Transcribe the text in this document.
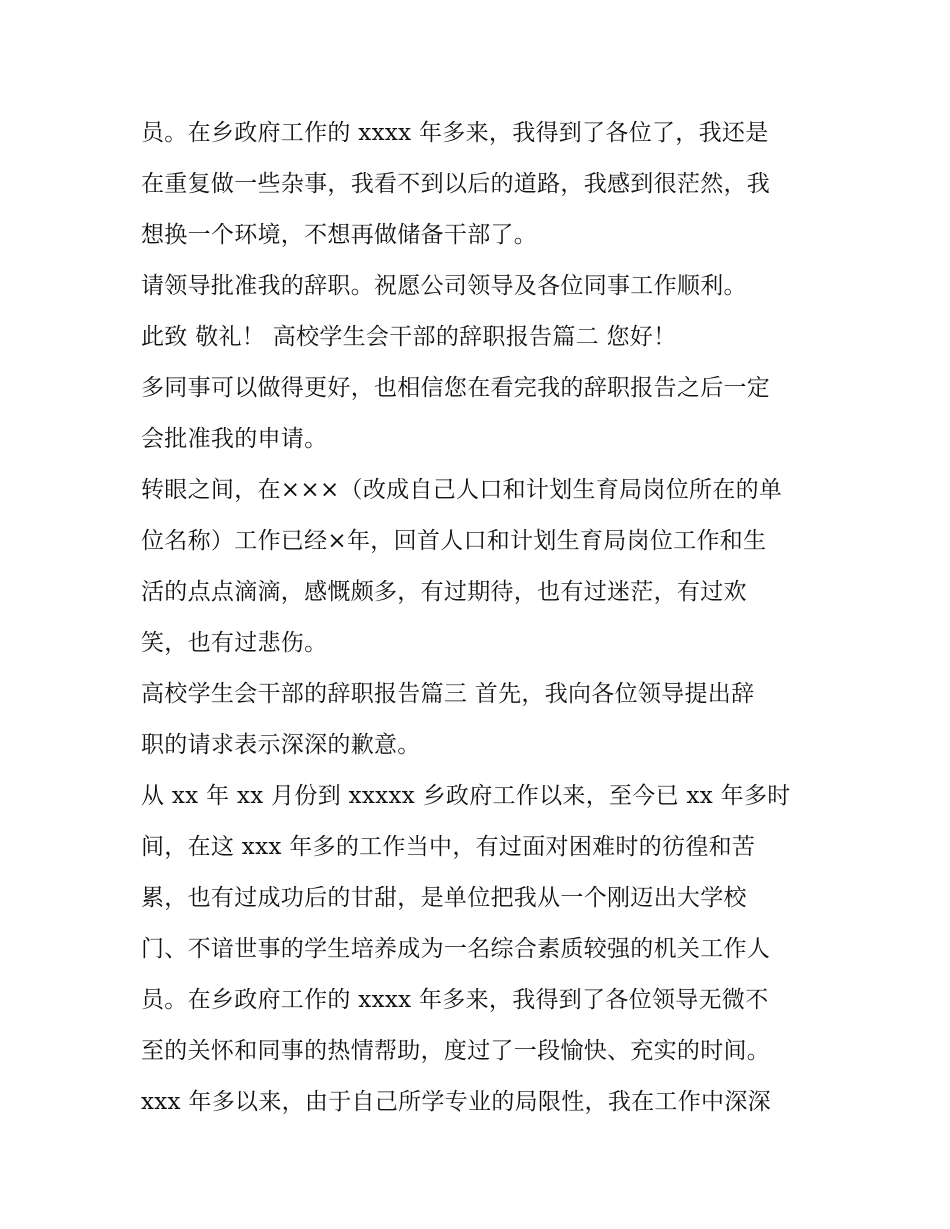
员。在乡政府工作的 xxxx 年多来，我得到了各位了，我还是
在重复做一些杂事，我看不到以后的道路，我感到很茫然，我
想换一个环境，不想再做储备干部了。
请领导批准我的辞职。祝愿公司领导及各位同事工作顺利。
此致 敬礼！ 高校学生会干部的辞职报告篇二 您好！
多同事可以做得更好，也相信您在看完我的辞职报告之后一定
会批准我的申请。
转眼之间，在×××（改成自己人口和计划生育局岗位所在的单
位名称）工作已经×年，回首人口和计划生育局岗位工作和生
活的点点滴滴，感慨颇多，有过期待，也有过迷茫，有过欢
笑，也有过悲伤。
高校学生会干部的辞职报告篇三 首先，我向各位领导提出辞
职的请求表示深深的歉意。
从 xx 年 xx 月份到 xxxxx 乡政府工作以来，至今已 xx 年多时
间，在这 xxx 年多的工作当中，有过面对困难时的彷徨和苦
累，也有过成功后的甘甜，是单位把我从一个刚迈出大学校
门、不谙世事的学生培养成为一名综合素质较强的机关工作人
员。在乡政府工作的 xxxx 年多来，我得到了各位领导无微不
至的关怀和同事的热情帮助，度过了一段愉快、充实的时间。
xxx 年多以来，由于自己所学专业的局限性，我在工作中深深
